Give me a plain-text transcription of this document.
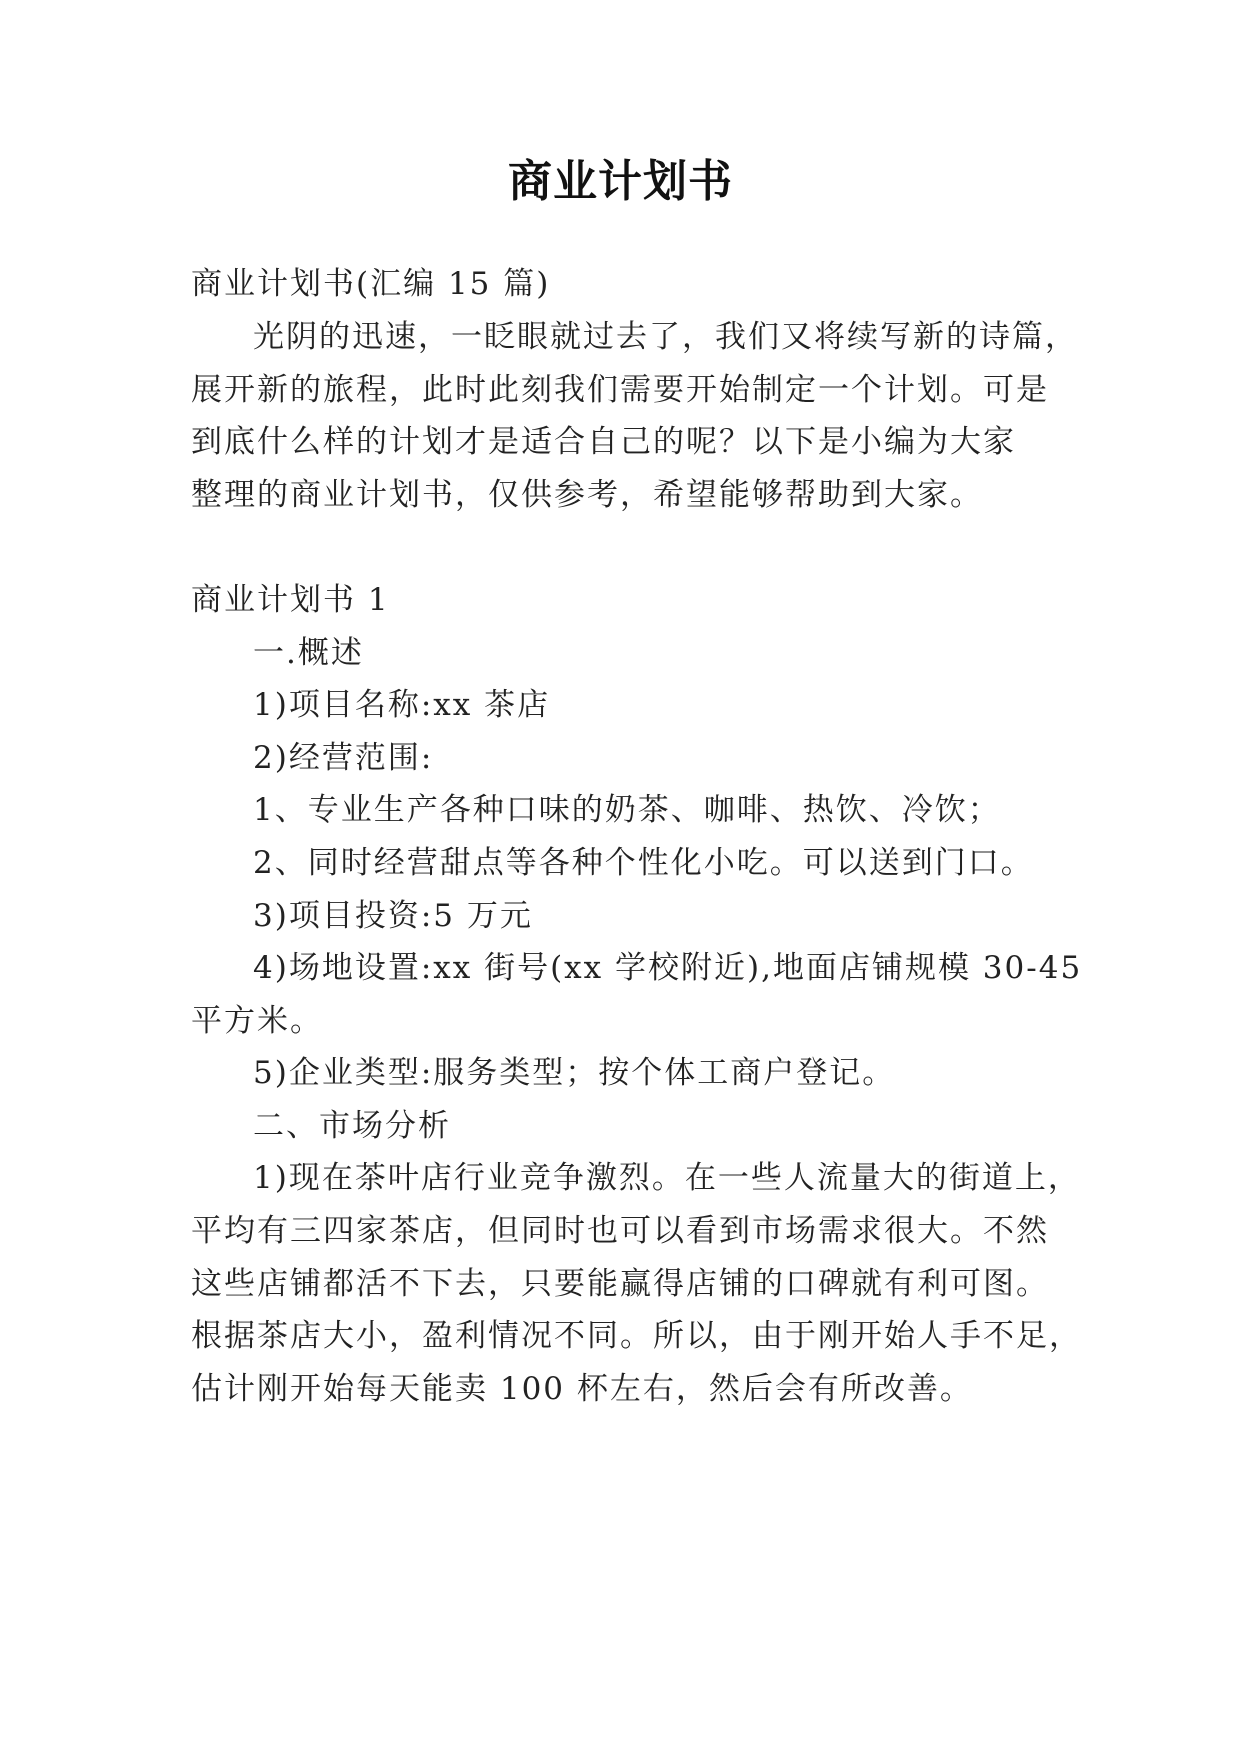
商业计划书
商业计划书(汇编 15 篇)
光阴的迅速，一眨眼就过去了，我们又将续写新的诗篇，
展开新的旅程，此时此刻我们需要开始制定一个计划。可是
到底什么样的计划才是适合自己的呢？以下是小编为大家
整理的商业计划书，仅供参考，希望能够帮助到大家。
商业计划书 1
一.概述
1)项目名称:xx 茶店
2)经营范围:
1、专业生产各种口味的奶茶、咖啡、热饮、冷饮；
2、同时经营甜点等各种个性化小吃。可以送到门口。
3)项目投资:5 万元
4)场地设置:xx 街号(xx 学校附近),地面店铺规模 30-45
平方米。
5)企业类型:服务类型；按个体工商户登记。
二、市场分析
1)现在茶叶店行业竞争激烈。在一些人流量大的街道上，
平均有三四家茶店，但同时也可以看到市场需求很大。不然
这些店铺都活不下去，只要能赢得店铺的口碑就有利可图。
根据茶店大小，盈利情况不同。所以，由于刚开始人手不足，
估计刚开始每天能卖 100 杯左右，然后会有所改善。
